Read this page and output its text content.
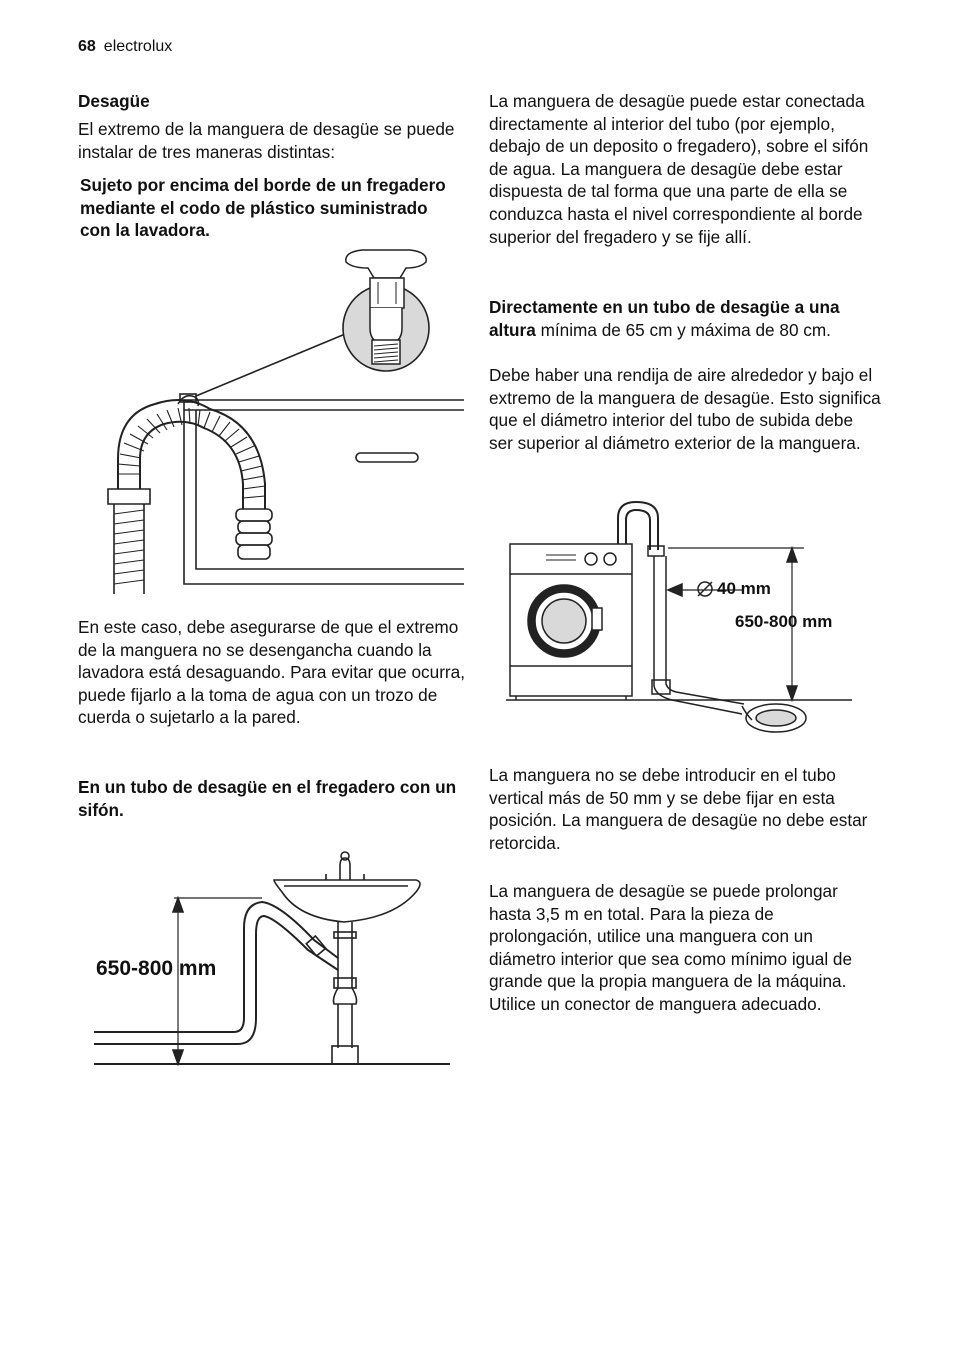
68 electrolux
Desagüe
El extremo de la manguera de desagüe se puede instalar de tres maneras distintas:
Sujeto por encima del borde de un fregadero mediante el codo de plástico suministrado con la lavadora.
En este caso, debe asegurarse de que el extremo de la manguera no se desengancha cuando la lavadora está desaguando. Para evitar que ocurra, puede fijarlo a la toma de agua con un trozo de cuerda o sujetarlo a la pared.
En un tubo de desagüe en el fregadero con un sifón.
650-800 mm
La manguera de desagüe puede estar conectada directamente al interior del tubo (por ejemplo, debajo de un deposito o fregadero), sobre el sifón de agua. La manguera de desagüe debe estar dispuesta de tal forma que una parte de ella se conduzca hasta el nivel correspondiente al borde superior del fregadero y se fije allí.
Directamente en un tubo de desagüe a una altura mínima de 65 cm y máxima de 80 cm.
Debe haber una rendija de aire alrededor y bajo el extremo de la manguera de desagüe. Esto significa que el diámetro interior del tubo de subida debe ser superior al diámetro exterior de la manguera.
40 mm
650-800 mm
La manguera no se debe introducir en el tubo vertical más de 50 mm y se debe fijar en esta posición. La manguera de desagüe no debe estar retorcida.
La manguera de desagüe se puede prolongar hasta 3,5 m en total. Para la pieza de prolongación, utilice una manguera con un diámetro interior que sea como mínimo igual de grande que la propia manguera de la máquina. Utilice un conector de manguera adecuado.
